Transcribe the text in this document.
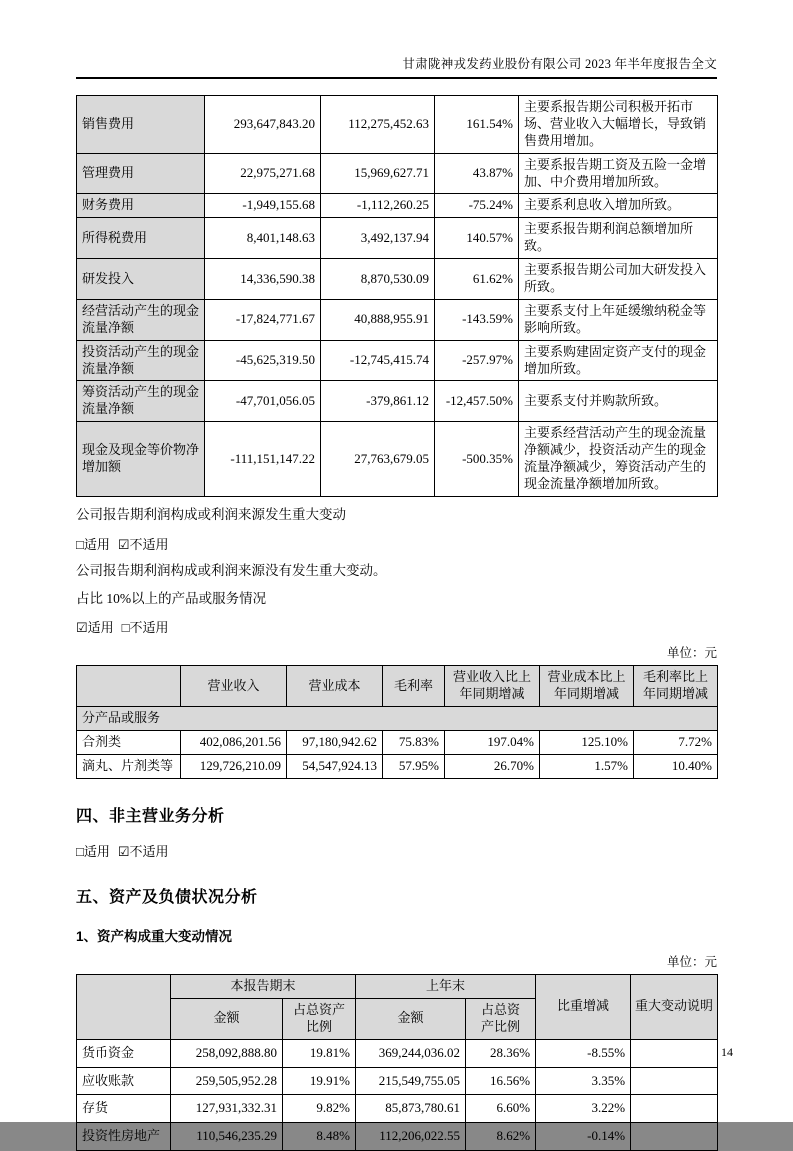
甘肃陇神戎发药业股份有限公司 2023 年半年度报告全文
销售费用	293,647,843.20	112,275,452.63	161.54%	主要系报告期公司积极开拓市场、营业收入大幅增长，导致销售费用增加。
管理费用	22,975,271.68	15,969,627.71	43.87%	主要系报告期工资及五险一金增加、中介费用增加所致。
财务费用	-1,949,155.68	-1,112,260.25	-75.24%	主要系利息收入增加所致。
所得税费用	8,401,148.63	3,492,137.94	140.57%	主要系报告期利润总额增加所致。
研发投入	14,336,590.38	8,870,530.09	61.62%	主要系报告期公司加大研发投入所致。
经营活动产生的现金流量净额	-17,824,771.67	40,888,955.91	-143.59%	主要系支付上年延缓缴纳税金等影响所致。
投资活动产生的现金流量净额	-45,625,319.50	-12,745,415.74	-257.97%	主要系购建固定资产支付的现金增加所致。
筹资活动产生的现金流量净额	-47,701,056.05	-379,861.12	-12,457.50%	主要系支付并购款所致。
现金及现金等价物净增加额	-111,151,147.22	27,763,679.05	-500.35%	主要系经营活动产生的现金流量净额减少，投资活动产生的现金流量净额减少，筹资活动产生的现金流量净额增加所致。

公司报告期利润构成或利润来源发生重大变动

□适用 ☑不适用

公司报告期利润构成或利润来源没有发生重大变动。

占比 10%以上的产品或服务情况

☑适用 □不适用

单位：元
	营业收入	营业成本	毛利率	营业收入比上年同期增减	营业成本比上年同期增减	毛利率比上年同期增减
分产品或服务						
合剂类	402,086,201.56	97,180,942.62	75.83%	197.04%	125.10%	7.72%
滴丸、片剂类等	129,726,210.09	54,547,924.13	57.95%	26.70%	1.57%	10.40%
四、非主营业务分析

□适用 ☑不适用

五、资产及负债状况分析
1、资产构成重大变动情况
单位：元
	本报告期末		上年末		比重增减	重大变动说明
	金额	占总资产比例	金额	占总资产比例		
货币资金	258,092,888.80	19.81%	369,244,036.02	28.36%	-8.55%	
应收账款	259,505,952.28	19.91%	215,549,755.05	16.56%	3.35%	
存货	127,931,332.31	9.82%	85,873,780.61	6.60%	3.22%	
投资性房地产	110,546,235.29	8.48%	112,206,022.55	8.62%	-0.14%	
14
